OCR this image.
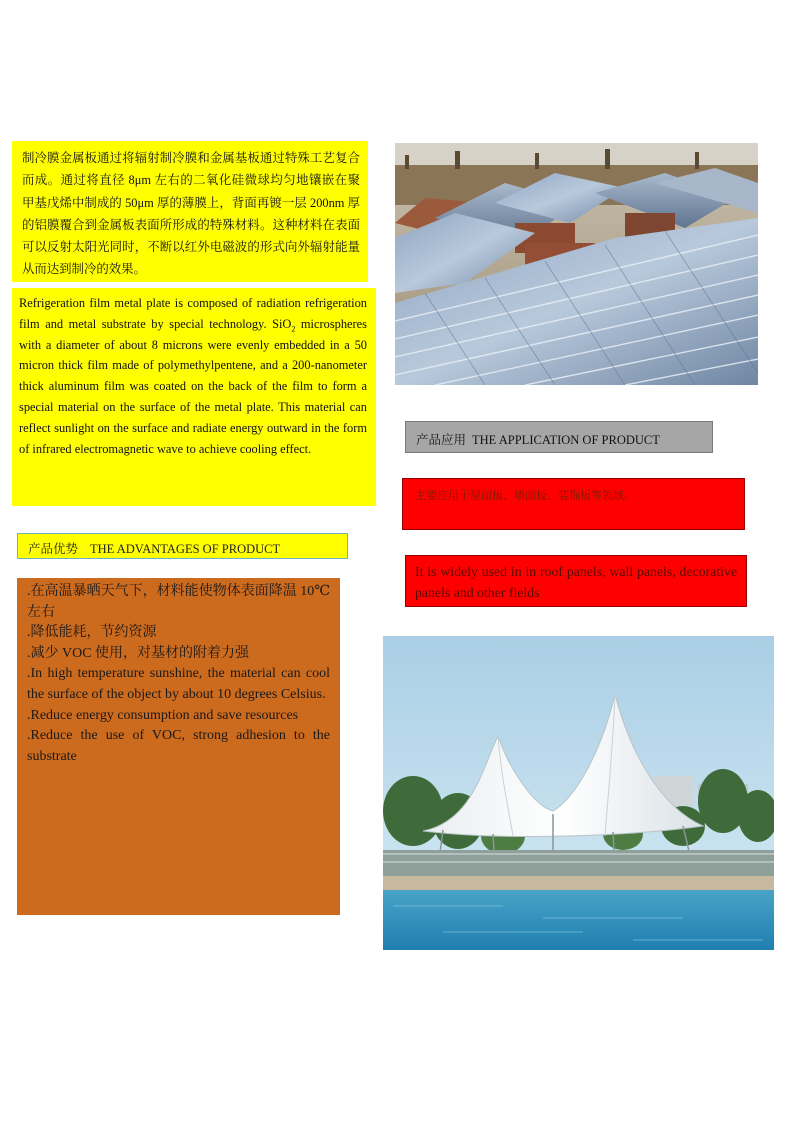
制冷膜金属板通过将辐射制冷膜和金属基板通过特殊工艺复合而成。通过将直径 8μm 左右的二氧化硅微球均匀地镶嵌在聚甲基戊烯中制成的 50μm 厚的薄膜上，背面再镀一层 200nm 厚的铝膜覆合到金属板表面所形成的特殊材料。这种材料在表面可以反射太阳光同时，不断以红外电磁波的形式向外辐射能量从而达到制冷的效果。
Refrigeration film metal plate is composed of radiation refrigeration film and metal substrate by special technology. SiO$_2$ microspheres with a diameter of about 8 microns were evenly embedded in a 50 micron thick film made of polymethylpentene, and a 200-nanometer thick aluminum film was coated on the back of the film to form a special material on the surface of the metal plate. This material can reflect sunlight on the surface and radiate energy outward in the form of infrared electromagnetic wave to achieve cooling effect.
产品优势 THE ADVANTAGES OF PRODUCT
.在高温暴晒天气下，材料能使物体表面降温 10℃左右
.降低能耗，节约资源
.减少 VOC 使用，对基材的附着力强
.In high temperature sunshine, the material can cool the surface of the object by about 10 degrees Celsius.
.Reduce energy consumption and save resources
.Reduce the use of VOC, strong adhesion to the substrate
产品应用 THE APPLICATION OF PRODUCT
主要应用于屋面板、墙面板、装饰板等领域。
It is widely used in in roof panels, wall panels, decorative panels and other fields
